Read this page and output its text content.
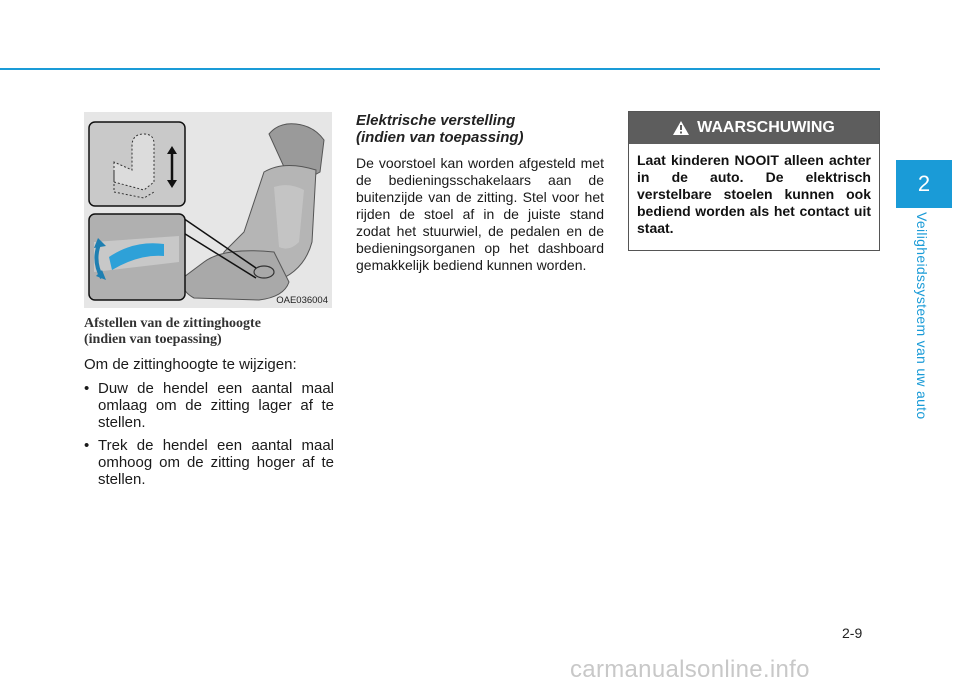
2
Veiligheidssysteem van uw auto
OAE036004
Afstellen van de zittinghoogte
(indien van toepassing)
Om de zittinghoogte te wijzigen:
• Duw de hendel een aantal maal omlaag om de zitting lager af te stellen.
• Trek de hendel een aantal maal omhoog om de zitting hoger af te stellen.
Elektrische verstelling
(indien van toepassing)
De voorstoel kan worden afgesteld met de bedieningsschakelaars aan de buitenzijde van de zitting. Stel voor het rijden de stoel af in de juiste stand zodat het stuurwiel, de pedalen en de bedieningsorganen op het dashboard gemakkelijk bediend kunnen worden.
WAARSCHUWING
Laat kinderen NOOIT alleen achter in de auto. De elektrisch verstelbare stoelen kunnen ook bediend worden als het contact uit staat.
2-9
carmanualsonline.info
